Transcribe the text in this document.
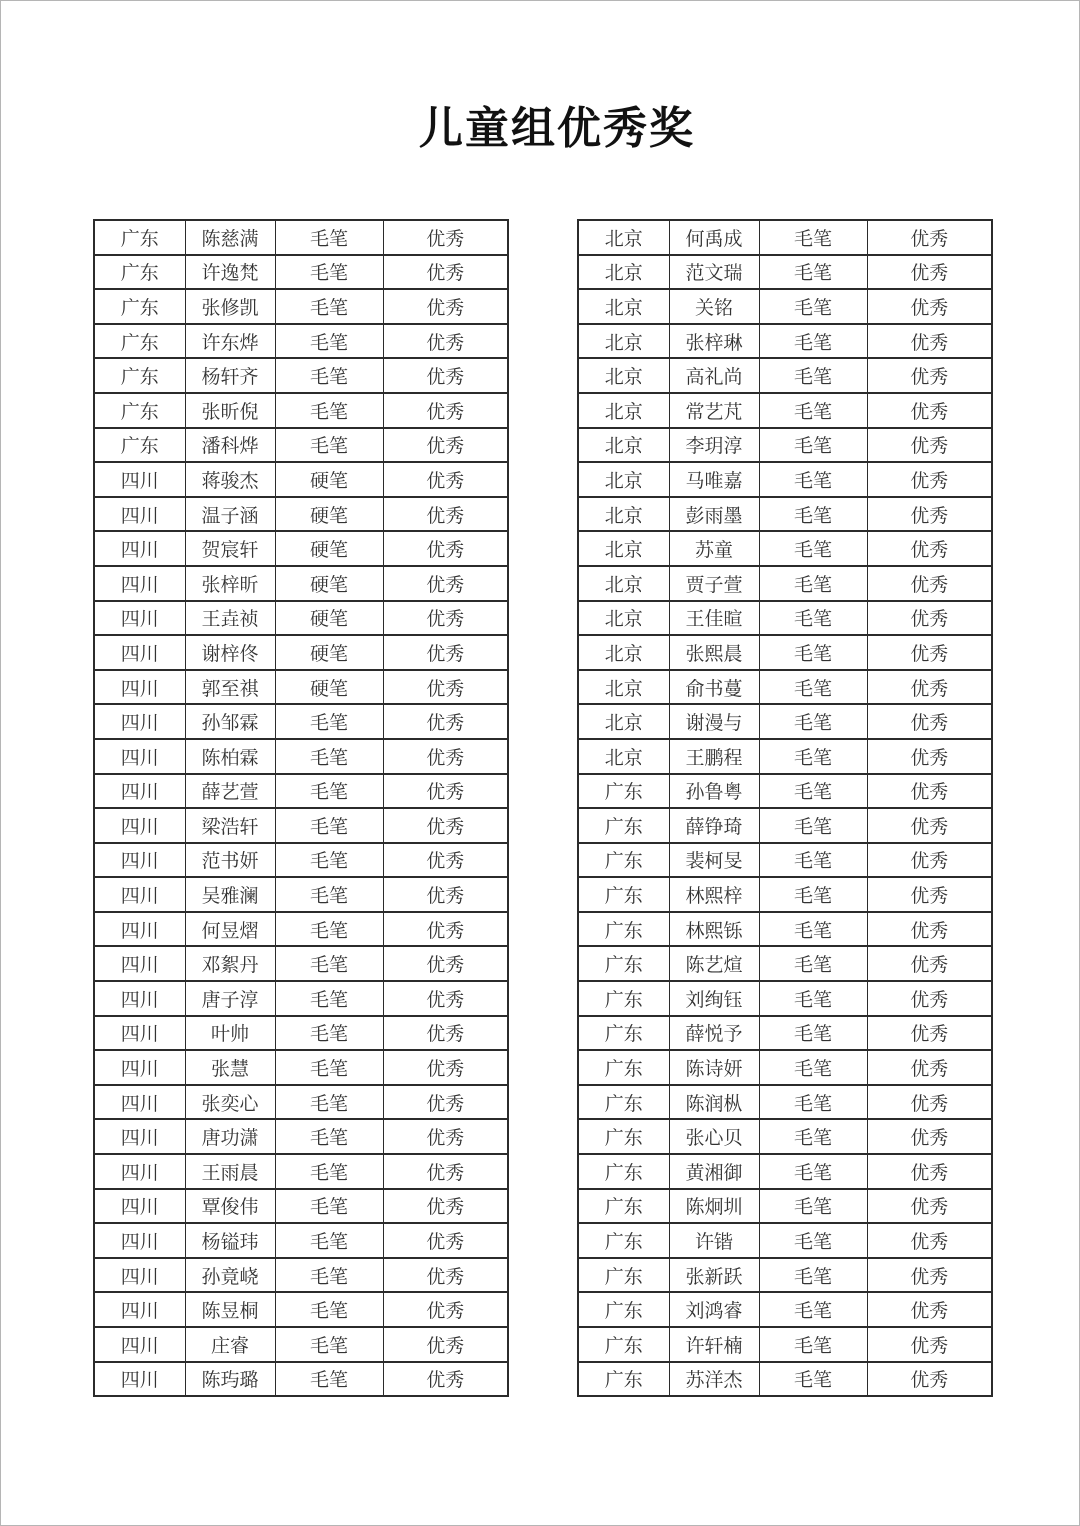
儿童组优秀奖
广东	陈慈满	毛笔	优秀
广东	许逸梵	毛笔	优秀
广东	张修凯	毛笔	优秀
广东	许东烨	毛笔	优秀
广东	杨轩齐	毛笔	优秀
广东	张昕倪	毛笔	优秀
广东	潘科烨	毛笔	优秀
四川	蒋骏杰	硬笔	优秀
四川	温子涵	硬笔	优秀
四川	贺宸轩	硬笔	优秀
四川	张梓昕	硬笔	优秀
四川	王垚祯	硬笔	优秀
四川	谢梓佟	硬笔	优秀
四川	郭至祺	硬笔	优秀
四川	孙邹霖	毛笔	优秀
四川	陈柏霖	毛笔	优秀
四川	薛艺萱	毛笔	优秀
四川	梁浩轩	毛笔	优秀
四川	范书妍	毛笔	优秀
四川	吴雅澜	毛笔	优秀
四川	何昱熠	毛笔	优秀
四川	邓絮丹	毛笔	优秀
四川	唐子淳	毛笔	优秀
四川	叶帅	毛笔	优秀
四川	张慧	毛笔	优秀
四川	张奕心	毛笔	优秀
四川	唐功潇	毛笔	优秀
四川	王雨晨	毛笔	优秀
四川	覃俊伟	毛笔	优秀
四川	杨镒玮	毛笔	优秀
四川	孙竟峣	毛笔	优秀
四川	陈昱桐	毛笔	优秀
四川	庄睿	毛笔	优秀
四川	陈玙璐	毛笔	优秀
北京	何禹成	毛笔	优秀
北京	范文瑞	毛笔	优秀
北京	关铭	毛笔	优秀
北京	张梓琳	毛笔	优秀
北京	高礼尚	毛笔	优秀
北京	常艺芃	毛笔	优秀
北京	李玥淳	毛笔	优秀
北京	马唯嘉	毛笔	优秀
北京	彭雨墨	毛笔	优秀
北京	苏童	毛笔	优秀
北京	贾子萱	毛笔	优秀
北京	王佳暄	毛笔	优秀
北京	张熙晨	毛笔	优秀
北京	俞书蔓	毛笔	优秀
北京	谢漫与	毛笔	优秀
北京	王鹏程	毛笔	优秀
广东	孙鲁粤	毛笔	优秀
广东	薛铮琦	毛笔	优秀
广东	裴柯旻	毛笔	优秀
广东	林熙梓	毛笔	优秀
广东	林熙铄	毛笔	优秀
广东	陈艺煊	毛笔	优秀
广东	刘绚钰	毛笔	优秀
广东	薛悦予	毛笔	优秀
广东	陈诗妍	毛笔	优秀
广东	陈润枞	毛笔	优秀
广东	张心贝	毛笔	优秀
广东	黄湘御	毛笔	优秀
广东	陈炯圳	毛笔	优秀
广东	许锴	毛笔	优秀
广东	张新跃	毛笔	优秀
广东	刘鸿睿	毛笔	优秀
广东	许轩楠	毛笔	优秀
广东	苏洋杰	毛笔	优秀
